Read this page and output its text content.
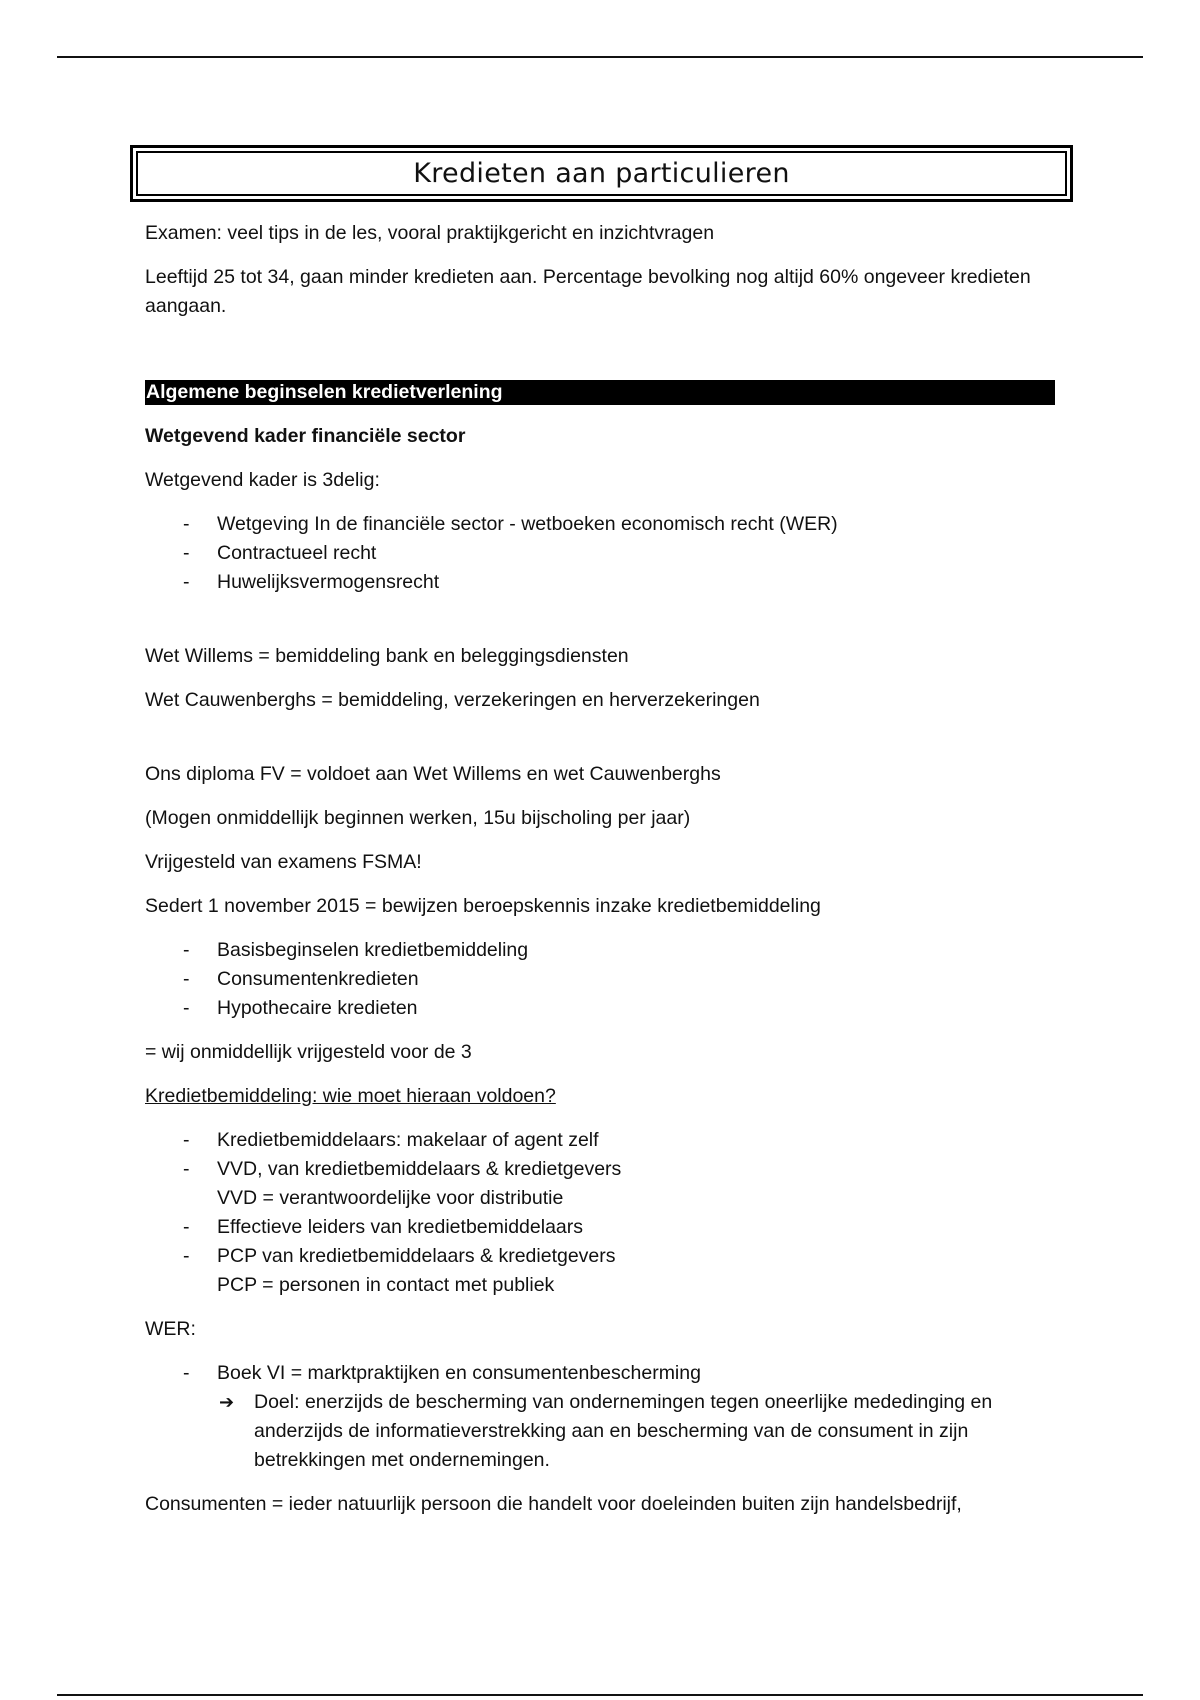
Kredieten aan particulieren
Examen: veel tips in de les, vooral praktijkgericht en inzichtvragen
Leeftijd 25 tot 34, gaan minder kredieten aan. Percentage bevolking nog altijd 60% ongeveer kredieten aangaan.
Algemene beginselen kredietverlening
Wetgevend kader financiële sector
Wetgevend kader is 3delig:
- Wetgeving In de financiële sector - wetboeken economisch recht (WER)
- Contractueel recht
- Huwelijksvermogensrecht
Wet Willems = bemiddeling bank en beleggingsdiensten
Wet Cauwenberghs = bemiddeling, verzekeringen en herverzekeringen
Ons diploma FV = voldoet aan Wet Willems en wet Cauwenberghs
(Mogen onmiddellijk beginnen werken, 15u bijscholing per jaar)
Vrijgesteld van examens FSMA!
Sedert 1 november 2015 = bewijzen beroepskennis inzake kredietbemiddeling
- Basisbeginselen kredietbemiddeling
- Consumentenkredieten
- Hypothecaire kredieten
= wij onmiddellijk vrijgesteld voor de 3
Kredietbemiddeling: wie moet hieraan voldoen?
- Kredietbemiddelaars: makelaar of agent zelf
- VVD, van kredietbemiddelaars & kredietgevers
VVD = verantwoordelijke voor distributie
- Effectieve leiders van kredietbemiddelaars
- PCP van kredietbemiddelaars & kredietgevers
PCP = personen in contact met publiek
WER:
- Boek VI = marktpraktijken en consumentenbescherming
➔ Doel: enerzijds de bescherming van ondernemingen tegen oneerlijke mededinging en anderzijds de informatieverstrekking aan en bescherming van de consument in zijn betrekkingen met ondernemingen.
Consumenten = ieder natuurlijk persoon die handelt voor doeleinden buiten zijn handelsbedrijf,
